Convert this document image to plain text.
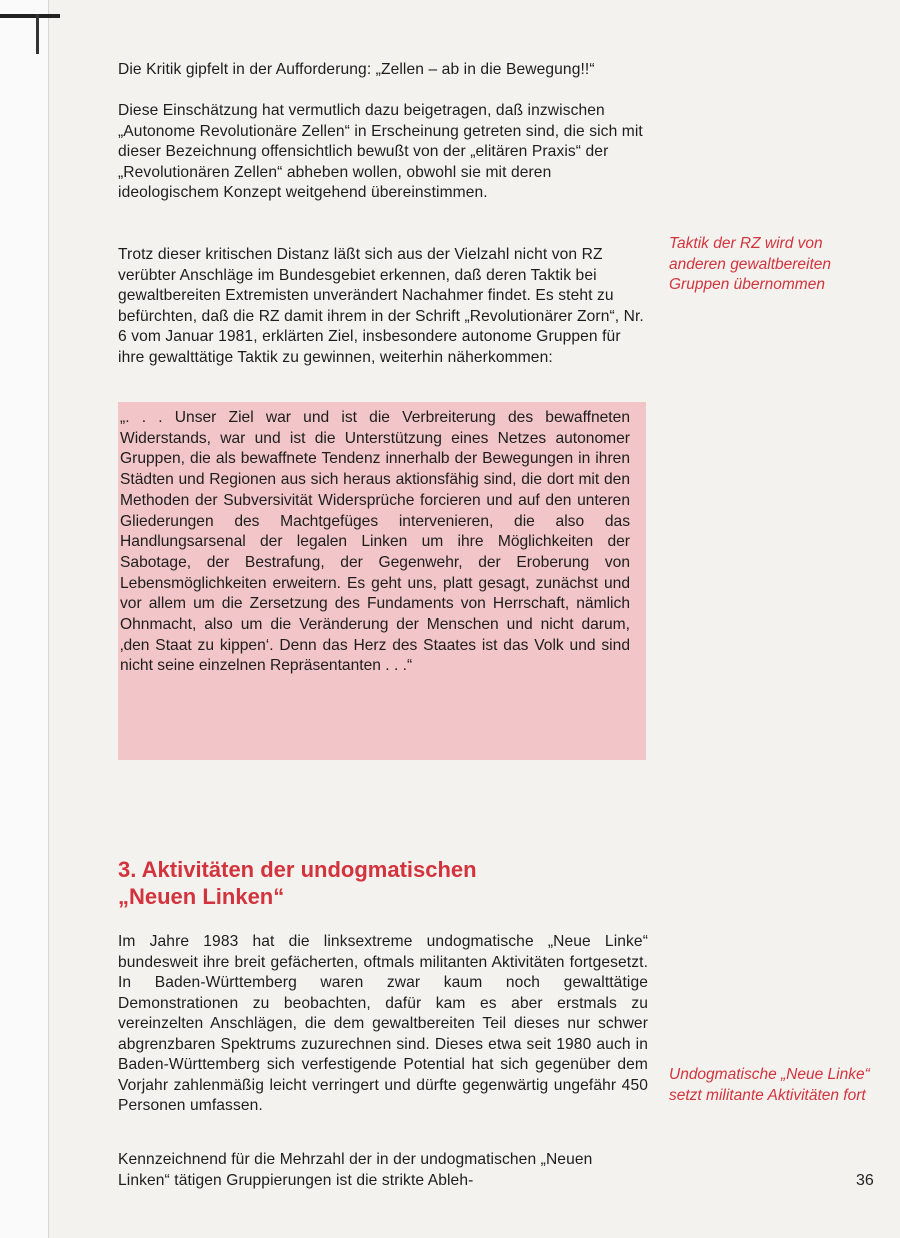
Die Kritik gipfelt in der Aufforderung: „Zellen – ab in die Bewegung!!“

Diese Einschätzung hat vermutlich dazu beigetragen, daß inzwischen „Autonome Revolutionäre Zellen“ in Erscheinung getreten sind, die sich mit dieser Bezeichnung offensichtlich bewußt von der „elitären Praxis“ der „Revolutionären Zellen“ abheben wollen, obwohl sie mit deren ideologischem Konzept weitgehend übereinstimmen.

Trotz dieser kritischen Distanz läßt sich aus der Vielzahl nicht von RZ verübter Anschläge im Bundesgebiet erkennen, daß deren Taktik bei gewaltbereiten Extremisten unverändert Nachahmer findet. Es steht zu befürchten, daß die RZ damit ihrem in der Schrift „Revolutionärer Zorn“, Nr. 6 vom Januar 1981, erklärten Ziel, insbesondere autonome Gruppen für ihre gewalttätige Taktik zu gewinnen, weiterhin näherkommen:

Taktik der RZ wird von anderen gewaltbereiten Gruppen übernommen

„. . . Unser Ziel war und ist die Verbreiterung des bewaffneten Widerstands, war und ist die Unterstützung eines Netzes autonomer Gruppen, die als bewaffnete Tendenz innerhalb der Bewegungen in ihren Städten und Regionen aus sich heraus aktionsfähig sind, die dort mit den Methoden der Subversivität Widersprüche forcieren und auf den unteren Gliederungen des Machtgefüges intervenieren, die also das Handlungsarsenal der legalen Linken um ihre Möglichkeiten der Sabotage, der Bestrafung, der Gegenwehr, der Eroberung von Lebensmöglichkeiten erweitern. Es geht uns, platt gesagt, zunächst und vor allem um die Zersetzung des Fundaments von Herrschaft, nämlich Ohnmacht, also um die Veränderung der Menschen und nicht darum, ‚den Staat zu kippen‘. Denn das Herz des Staates ist das Volk und sind nicht seine einzelnen Repräsentanten . . .“

3. Aktivitäten der undogmatischen
„Neuen Linken“

Im Jahre 1983 hat die linksextreme undogmatische „Neue Linke“ bundesweit ihre breit gefächerten, oftmals militanten Aktivitäten fortgesetzt. In Baden-Württemberg waren zwar kaum noch gewalttätige Demonstrationen zu beobachten, dafür kam es aber erstmals zu vereinzelten Anschlägen, die dem gewaltbereiten Teil dieses nur schwer abgrenzbaren Spektrums zuzurechnen sind. Dieses etwa seit 1980 auch in Baden-Württemberg sich verfestigende Potential hat sich gegenüber dem Vorjahr zahlenmäßig leicht verringert und dürfte gegenwärtig ungefähr 450 Personen umfassen.

Kennzeichnend für die Mehrzahl der in der undogmatischen „Neuen Linken“ tätigen Gruppierungen ist die strikte Ableh-

Undogmatische „Neue Linke“ setzt militante Aktivitäten fort
36
